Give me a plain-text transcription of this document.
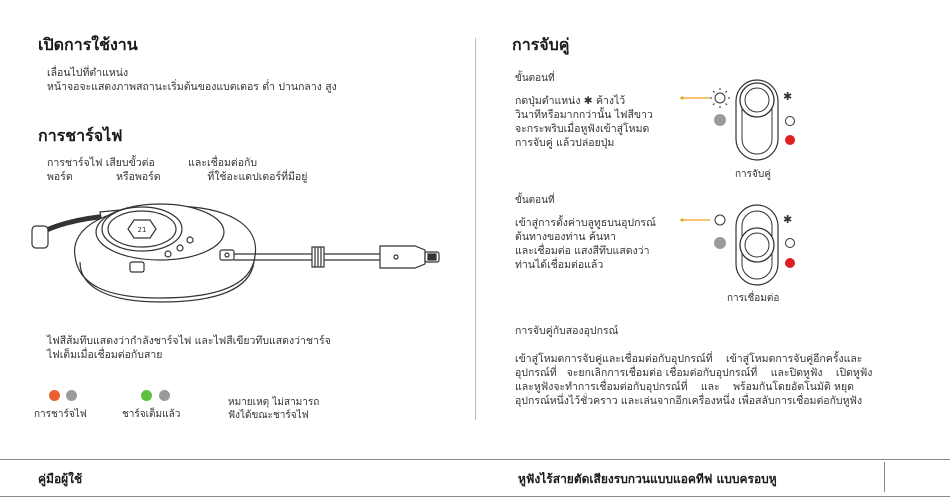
เปิดการใช้งาน
เลื่อนไปที่ตำแหน่ง
หน้าจอจะแสดงภาพสถานะเริ่มต้นของแบตเตอร ต่ำ ปานกลาง สูง
การชาร์จไฟ
การชาร์จไฟ เสียบขั้วต่อ          และเชื่อมต่อกับ
พอร์ต             หรือพอร์ต              ที่ใช้อะแดปเตอร์ที่มีอยู่
21
ไฟสีส้มทึบแสดงว่ากำลังชาร์จไฟ และไฟสีเขียวทึบแสดงว่าชาร์จ
ไฟเต็มเมื่อเชื่อมต่อกับสาย
การชาร์จไฟ	ชาร์จเต็มแล้ว
หมายเหตุ ไม่สามารถ
ฟังได้ขณะชาร์จไฟ
การจับคู่
ขั้นตอนที่
กดปุ่มตำแหน่ง ✱ ค้างไว้
วินาทีหรือมากกว่านั้น ไฟสีขาว
จะกระพริบเมื่อหูฟังเข้าสู่โหมด
การจับคู่ แล้วปล่อยปุ่ม
✱
การจับคู่
ขั้นตอนที่
เข้าสู่การตั้งค่าบลูทูธบนอุปกรณ์
ต้นทางของท่าน ค้นหา
และเชื่อมต่อ แสงสีทึบแสดงว่า
ท่านได้เชื่อมต่อแล้ว
✱
การเชื่อมต่อ
การจับคู่กับสองอุปกรณ์
เข้าสู่โหมดการจับคู่และเชื่อมต่อกับอุปกรณ์ที่    เข้าสู่โหมดการจับคู่อีกครั้งและ
อุปกรณ์ที่   จะยกเลิกการเชื่อมต่อ เชื่อมต่อกับอุปกรณ์ที่    และปิดหูฟัง    เปิดหูฟัง
และหูฟังจะทำการเชื่อมต่อกับอุปกรณ์ที่    และ    พร้อมกันโดยอัตโนมัติ หยุด
อุปกรณ์หนึ่งไว้ชั่วคราว และเล่นจากอีกเครื่องหนึ่ง เพื่อสลับการเชื่อมต่อกับหูฟัง
คู่มือผู้ใช้	หูฟังไร้สายตัดเสียงรบกวนแบบแอคทีฟ แบบครอบหู
